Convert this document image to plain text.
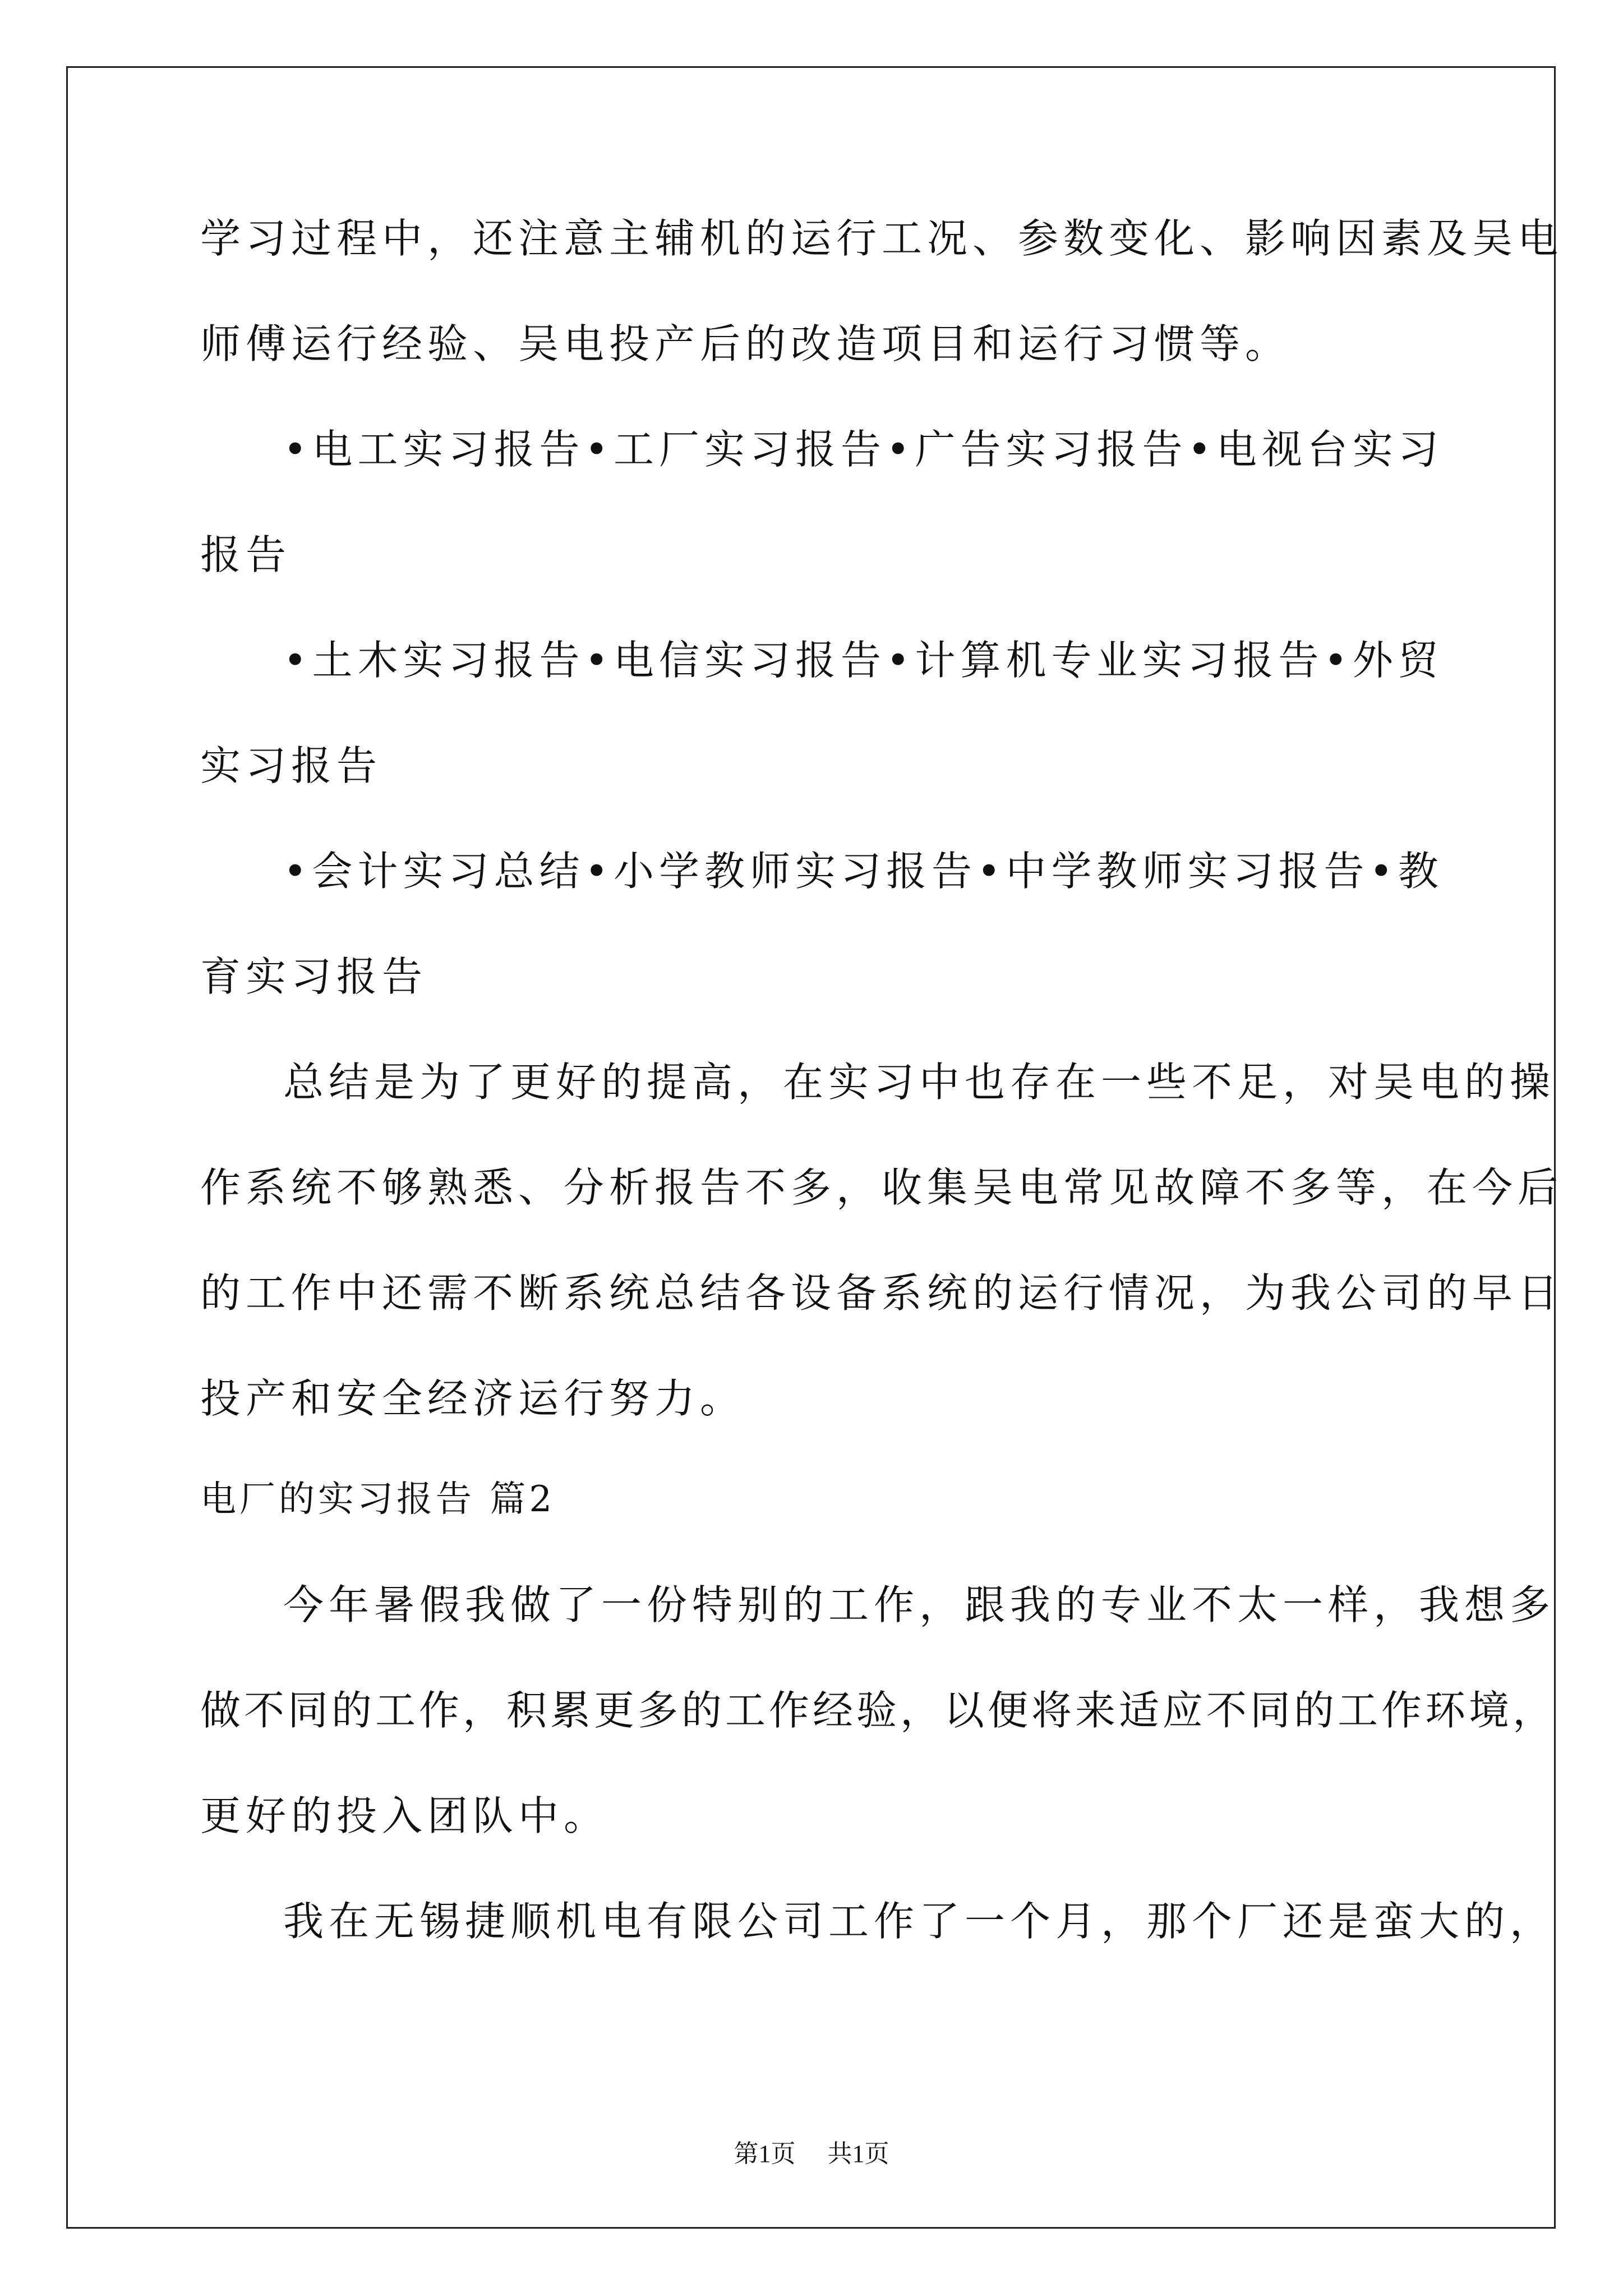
学习过程中，还注意主辅机的运行工况、参数变化、影响因素及吴电
师傅运行经验、吴电投产后的改造项目和运行习惯等。
•电工实习报告 •工厂实习报告 •广告实习报告 •电视台实习
报告
•土木实习报告 •电信实习报告 •计算机专业实习报告 •外贸
实习报告
•会计实习总结 •小学教师实习报告 •中学教师实习报告 •教
育实习报告
总结是为了更好的提高，在实习中也存在一些不足，对吴电的操
作系统不够熟悉、分析报告不多，收集吴电常见故障不多等，在今后
的工作中还需不断系统总结各设备系统的运行情况，为我公司的早日
投产和安全经济运行努力。
电厂的实习报告 篇2
今年暑假我做了一份特别的工作，跟我的专业不太一样，我想多
做不同的工作，积累更多的工作经验，以便将来适应不同的工作环境，
更好的投入团队中。
我在无锡捷顺机电有限公司工作了一个月，那个厂还是蛮大的，
第1页 共1页
